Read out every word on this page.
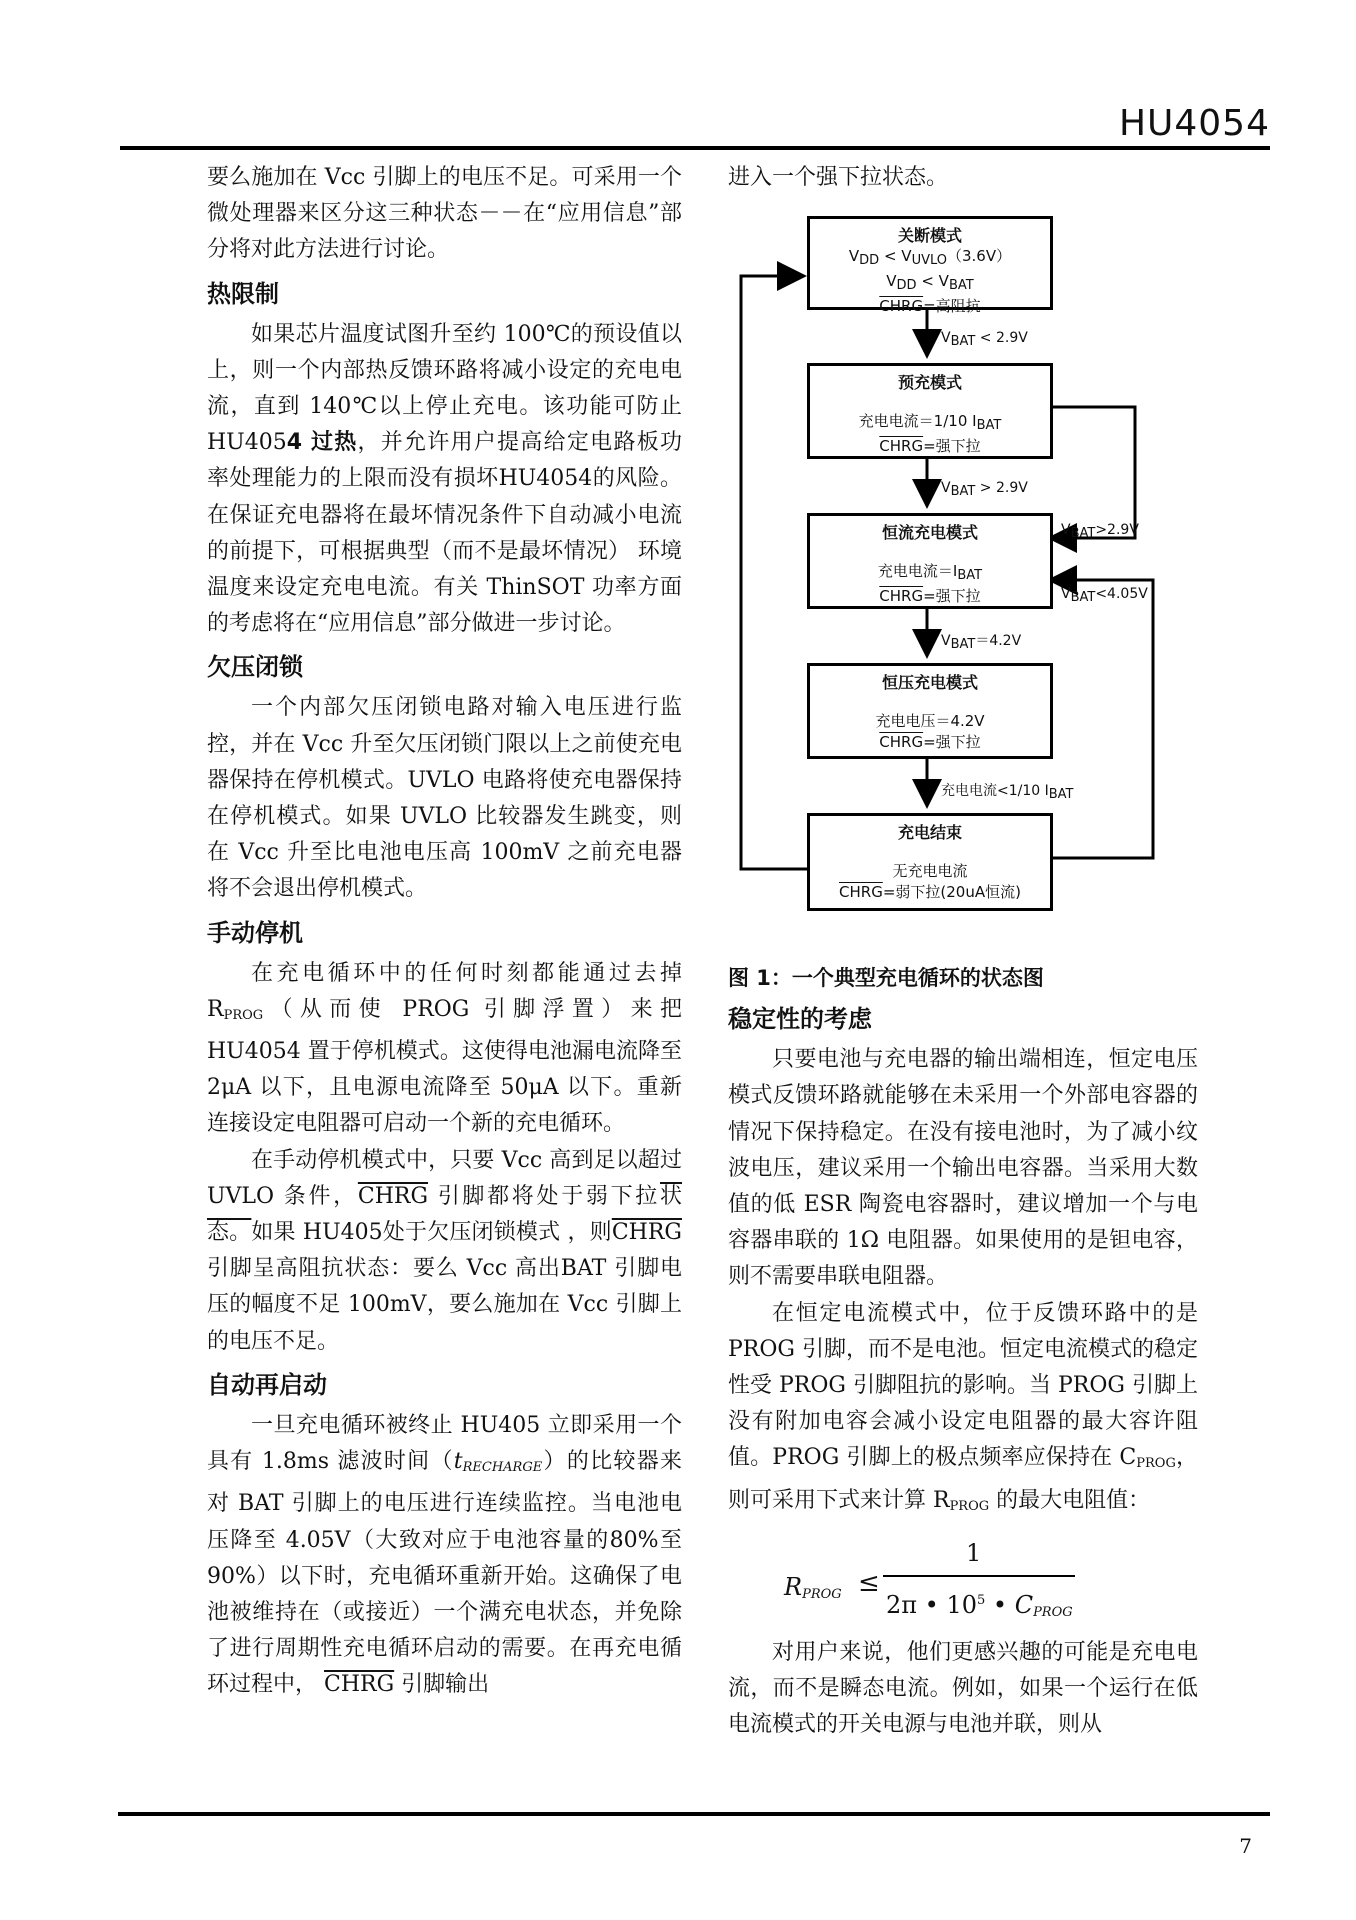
HU4054

要么施加在 Vcc 引脚上的电压不足。可采用一个微处理器来区分这三种状态－－在“应用信息”部分将对此方法进行讨论。

热限制

如果芯片温度试图升至约 100℃的预设值以上，则一个内部热反馈环路将减小设定的充电电流，直到 140℃以上停止充电。该功能可防止HU4054 过热，并允许用户提高给定电路板功率处理能力的上限而没有损坏HU4054的风险。在保证充电器将在最坏情况条件下自动减小电流的前提下，可根据典型（而不是最坏情况） 环境温度来设定充电电流。有关 ThinSOT 功率方面的考虑将在“应用信息”部分做进一步讨论。

欠压闭锁

一个内部欠压闭锁电路对输入电压进行监控，并在 Vcc 升至欠压闭锁门限以上之前使充电器保持在停机模式。UVLO 电路将使充电器保持在停机模式。如果 UVLO 比较器发生跳变，则在 Vcc 升至比电池电压高 100mV 之前充电器将不会退出停机模式。

手动停机

在充电循环中的任何时刻都能通过去掉 $R_{PROG}$（从而使 PROG 引脚浮置）来把 HU4054 置于停机模式。这使得电池漏电流降至 2μA 以下，且电源电流降至 50μA 以下。重新连接设定电阻器可启动一个新的充电循环。

在手动停机模式中，只要 Vcc 高到足以超过 UVLO 条件，CHRG 引脚都将处于弱下拉状态。如果 HU405处于欠压闭锁模式 ，则CHRG 引脚呈高阻抗状态：要么 Vcc 高出BAT 引脚电压的幅度不足 100mV，要么施加在 Vcc 引脚上的电压不足。

自动再启动

一旦充电循环被终止 HU405 立即采用一个具有 1.8ms 滤波时间$(t_{RECHARGE})$的比较器来对 BAT 引脚上的电压进行连续监控。当电池电压降至 4.05V（大致对应于电池容量的80%至 90%）以下时，充电循环重新开始。这确保了电池被维持在（或接近）一个满充电状态，并免除了进行周期性充电循环启动的需要。在再充电循环过程中， CHRG 引脚输出

进入一个强下拉状态。

图 1：一个典型充电循环的状态图
稳定性的考虑

只要电池与充电器的输出端相连，恒定电压模式反馈环路就能够在未采用一个外部电容器的情况下保持稳定。在没有接电池时，为了减小纹波电压，建议采用一个输出电容器。当采用大数值的低 ESR 陶瓷电容器时，建议增加一个与电容器串联的 1Ω 电阻器。如果使用的是钽电容，则不需要串联电阻器。

在恒定电流模式中，位于反馈环路中的是 PROG 引脚，而不是电池。恒定电流模式的稳定性受 PROG 引脚阻抗的影响。当 PROG 引脚上没有附加电容会减小设定电阻器的最大容许阻值。PROG 引脚上的极点频率应保持在 $C_{PROG}$，则可采用下式来计算 $R_{PROG}$ 的最大电阻值：

$R_{PROG}$ ≤
1
2π • $10^5$ • $C_{PROG}$

对用户来说，他们更感兴趣的可能是充电电流，而不是瞬态电流。例如，如果一个运行在低电流模式的开关电源与电池并联，则从

关断模式
$V_{DD} < V_{UVLO}(3.6V)$
$V_{DD} < V_{BAT}$
CHRG=高阻抗
$V_{BAT} < 2.9V$
预充模式
充电电流＝1/10 $I_{BAT}$
CHRG=强下拉
$V_{BAT} > 2.9V$
恒流充电模式
充电电流$=I_{BAT}$
CHRG=强下拉
$V_{BAT}>2.9V$
$V_{BAT}<4.05V$
$V_{BAT}=4.2V$
恒压充电模式
充电电压＝4.2V
CHRG=强下拉
充电电流<1/10 $I_{BAT}$
充电结束
无充电电流
CHRG=弱下拉(20uA恒流)
7
